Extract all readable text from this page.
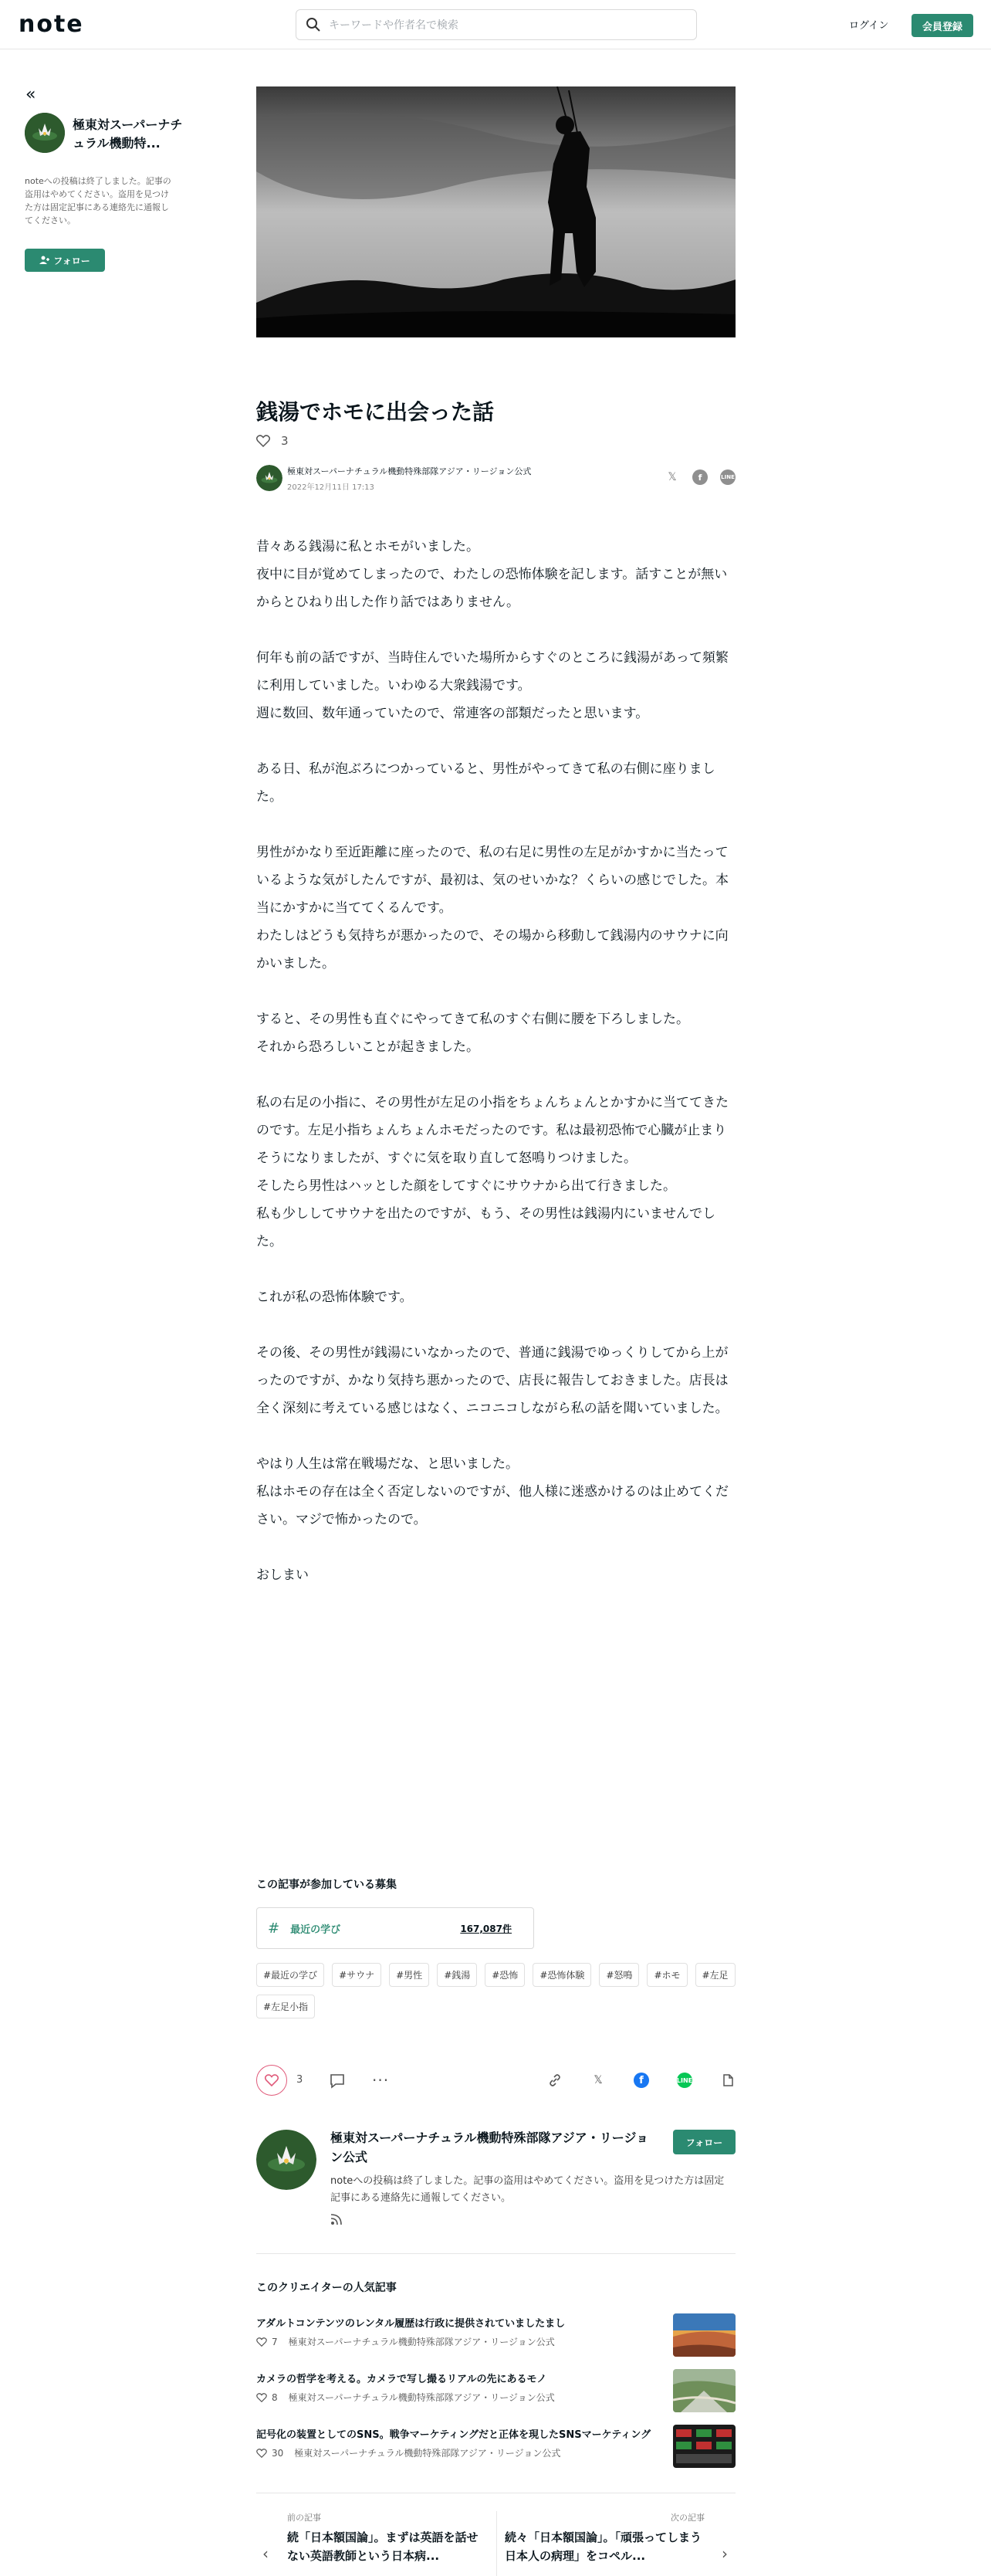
note	キーワードや作者名で検索	ログイン	会員登録
«
極東対スーパーナチュラル機動特...
noteへの投稿は終了しました。記事の盗用はやめてください。盗用を見つけた方は固定記事にある連絡先に通報してください。
フォロー
銭湯でホモに出会った話
3
極東対スーパーナチュラル機動特殊部隊アジア・リージョン公式
2022年12月11日 17:13
𝕏	f	LINE

昔々ある銭湯に私とホモがいました。
夜中に目が覚めてしまったので、わたしの恐怖体験を記します。話すことが無いからとひねり出した作り話ではありません。

何年も前の話ですが、当時住んでいた場所からすぐのところに銭湯があって頻繁に利用していました。いわゆる大衆銭湯です。
週に数回、数年通っていたので、常連客の部類だったと思います。

ある日、私が泡ぶろにつかっていると、男性がやってきて私の右側に座りました。

男性がかなり至近距離に座ったので、私の右足に男性の左足がかすかに当たっているような気がしたんですが、最初は、気のせいかな？くらいの感じでした。本当にかすかに当ててくるんです。
わたしはどうも気持ちが悪かったので、その場から移動して銭湯内のサウナに向かいました。

すると、その男性も直ぐにやってきて私のすぐ右側に腰を下ろしました。
それから恐ろしいことが起きました。

私の右足の小指に、その男性が左足の小指をちょんちょんとかすかに当ててきたのです。左足小指ちょんちょんホモだったのです。私は最初恐怖で心臓が止まりそうになりましたが、すぐに気を取り直して怒鳴りつけました。
そしたら男性はハッとした顔をしてすぐにサウナから出て行きました。
私も少ししてサウナを出たのですが、もう、その男性は銭湯内にいませんでした。

これが私の恐怖体験です。

その後、その男性が銭湯にいなかったので、普通に銭湯でゆっくりしてから上がったのですが、かなり気持ち悪かったので、店長に報告しておきました。店長は全く深刻に考えている感じはなく、ニコニコしながら私の話を聞いていました。

やはり人生は常在戦場だな、と思いました。
私はホモの存在は全く否定しないのですが、他人様に迷惑かけるのは止めてください。マジで怖かったので。

おしまい

この記事が参加している募集
# 最近の学び	167,087件
#最近の学び	#サウナ	#男性	#銭湯	#恐怖	#恐怖体験	#怒鳴	#ホモ	#左足
#左足小指
3	···	𝕏	f	LINE
極東対スーパーナチュラル機動特殊部隊アジア・リージョン公式
フォロー
noteへの投稿は終了しました。記事の盗用はやめてください。盗用を見つけた方は固定記事にある連絡先に通報してください。
このクリエイターの人気記事
アダルトコンテンツのレンタル履歴は行政に提供されていましたまし
7 極東対スーパーナチュラル機動特殊部隊アジア・リージョン公式
カメラの哲学を考える。カメラで写し撮るリアルの先にあるモノ
8 極東対スーパーナチュラル機動特殊部隊アジア・リージョン公式
記号化の装置としてのSNS。戦争マーケティングだと正体を現したSNSマーケティング
30 極東対スーパーナチュラル機動特殊部隊アジア・リージョン公式
‹
前の記事
続「日本額国論」。まずは英語を話せない英語教師という日本病...
次の記事
続々「日本額国論」。「頑張ってしまう日本人の病理」をコペル...	›
